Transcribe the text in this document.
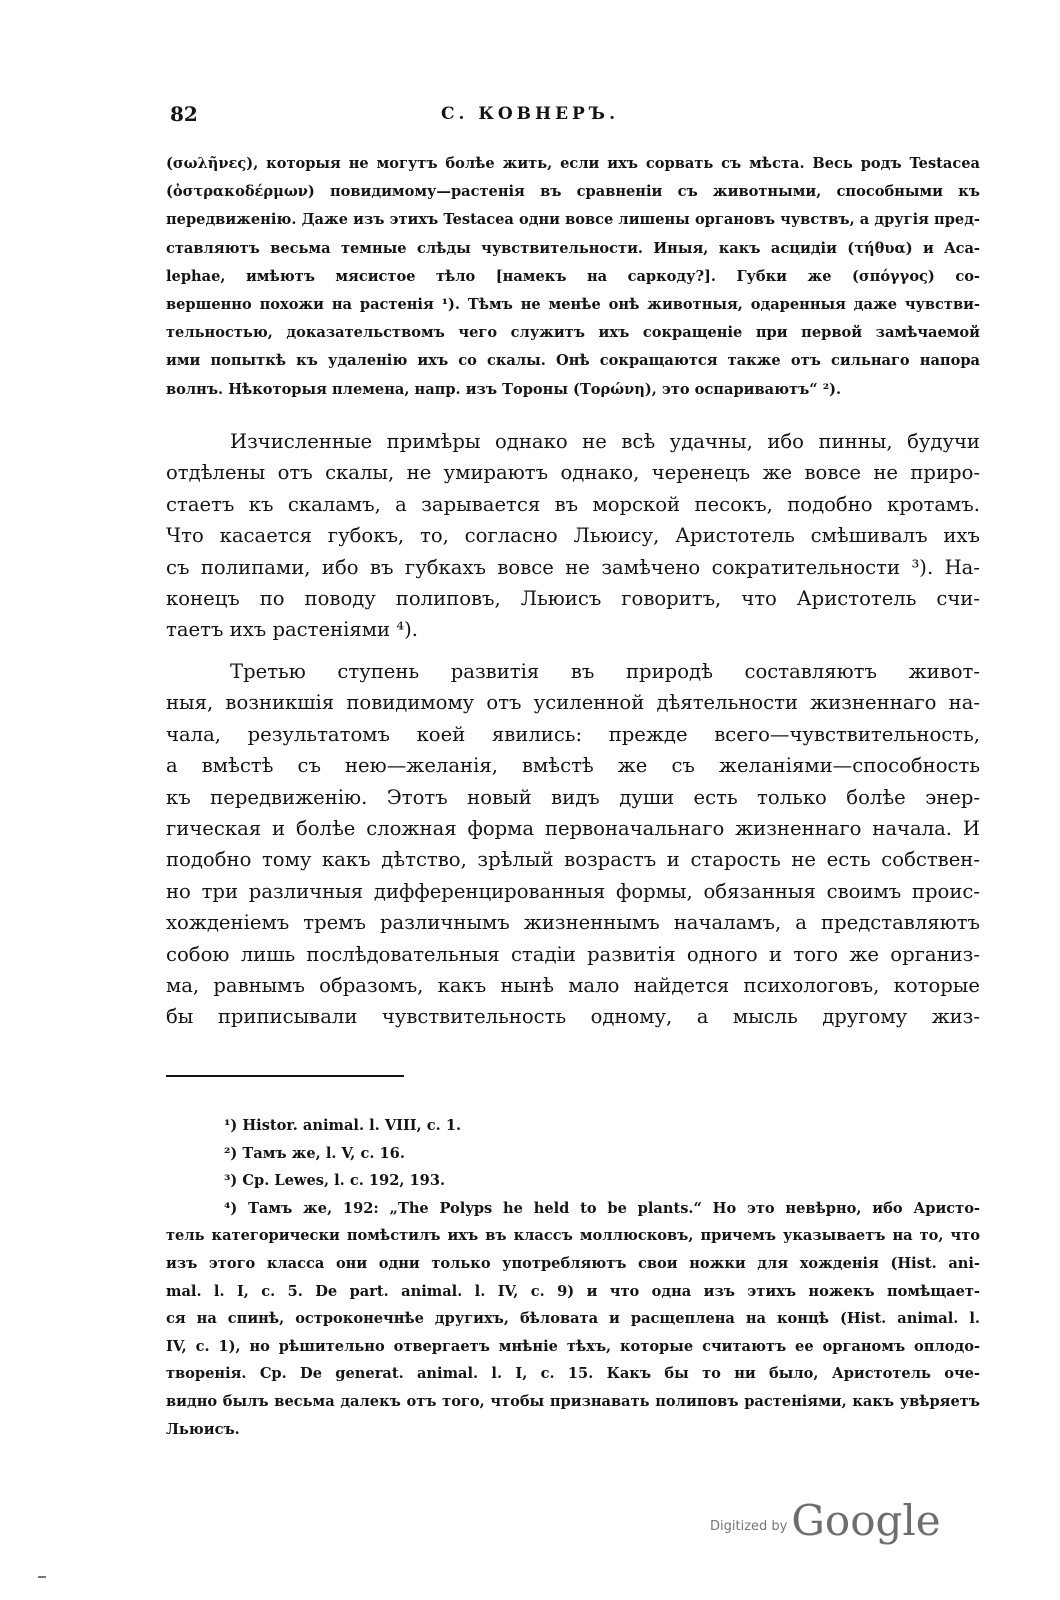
82	С. КОВНЕРЪ.
(σωλῆνες), которыя не могутъ болѣе жить, если ихъ сорвать съ мѣста. Весь родъ Testacea
(ὀστρακοδέρμων) повидимому—растенія въ сравненіи съ животными, способными къ
передвиженію. Даже изъ этихъ Testacea одни вовсе лишены органовъ чувствъ, а другія пред-
ставляютъ весьма темные слѣды чувствительности. Иныя, какъ асцидіи (τήθυα) и Aca-
lephae, имѣютъ мясистое тѣло [намекъ на саркоду?]. Губки же (σπόγγος) со-
вершенно похожи на растенія ¹). Тѣмъ не менѣе онѣ животныя, одаренныя даже чувстви-
тельностью, доказательствомъ чего служитъ ихъ сокращеніе при первой замѣчаемой
ими попыткѣ къ удаленію ихъ со скалы. Онѣ сокращаются также отъ сильнаго напора
волнъ. Нѣкоторыя племена, напр. изъ Тороны (Τορώνη), это оспариваютъ“ ²).
Изчисленные примѣры однако не всѣ удачны, ибо пинны, будучи
отдѣлены отъ скалы, не умираютъ однако, черенецъ же вовсе не приро-
стаетъ къ скаламъ, а зарывается въ морской песокъ, подобно кротамъ.
Что касается губокъ, то, согласно Льюису, Аристотель смѣшивалъ ихъ
съ полипами, ибо въ губкахъ вовсе не замѣчено сократительности ³). На-
конецъ по поводу полиповъ, Льюисъ говоритъ, что Аристотель счи-
таетъ ихъ растеніями ⁴).
Третью ступень развитія въ природѣ составляютъ живот-
ныя, возникшія повидимому отъ усиленной дѣятельности жизненнаго на-
чала, результатомъ коей явились: прежде всего—чувствительность,
а вмѣстѣ съ нею—желанія, вмѣстѣ же съ желаніями—способность
къ передвиженію. Этотъ новый видъ души есть только болѣе энер-
гическая и болѣе сложная форма первоначальнаго жизненнаго начала. И
подобно тому какъ дѣтство, зрѣлый возрастъ и старость не есть собствен-
но три различныя дифференцированныя формы, обязанныя своимъ проис-
хожденіемъ тремъ различнымъ жизненнымъ началамъ, а представляютъ
собою лишь послѣдовательныя стадіи развитія одного и того же организ-
ма, равнымъ образомъ, какъ нынѣ мало найдется психологовъ, которые
бы приписывали чувствительность одному, а мысль другому жиз-
¹) Histor. animal. l. VIII, c. 1.
²) Тамъ же, l. V, c. 16.
³) Cp. Lewes, l. c. 192, 193.
⁴) Тамъ же, 192: „The Polyps he held to be plants.“ Но это невѣрно, ибо Аристо-
тель категорически помѣстилъ ихъ въ классъ моллюсковъ, причемъ указываетъ на то, что
изъ этого класса они одни только употребляютъ свои ножки для хожденія (Hist. ani-
mal. l. I, c. 5. De part. animal. l. IV, c. 9) и что одна изъ этихъ ножекъ помѣщает-
ся на спинѣ, остроконечнѣе другихъ, бѣловата и расщеплена на концѣ (Hist. animal. l.
IV, c. 1), но рѣшительно отвергаетъ мнѣніе тѣхъ, которые считаютъ ее органомъ оплодо-
творенія. Cp. De generat. animal. l. I, c. 15. Какъ бы то ни было, Аристотель оче-
видно былъ весьма далекъ отъ того, чтобы признавать полиповъ растеніями, какъ увѣряетъ
Льюисъ.
Digitized by Google
